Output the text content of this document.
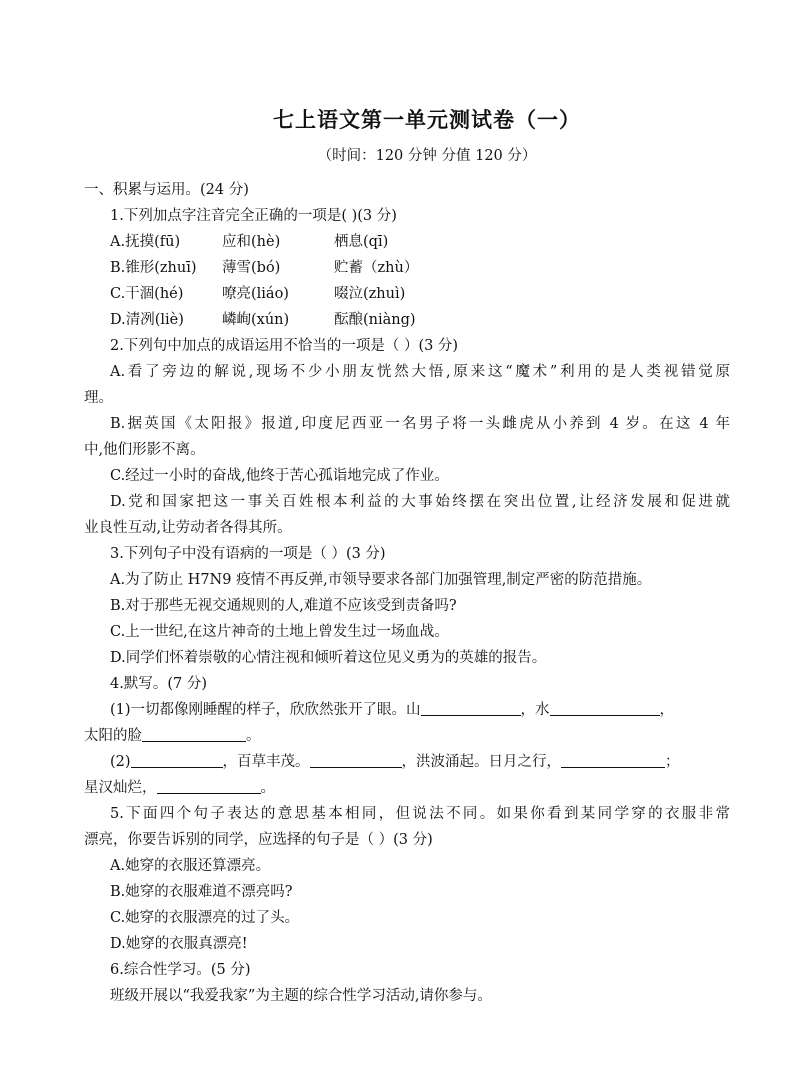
七上语文第一单元测试卷（一）
（时间：120 分钟 分值 120 分）
一、积累与运用。(24 分)
1.下列加点字注音完全正确的一项是( )(3 分)
A.抚摸(fū)	应和(hè)	栖息(qī)
B.锥形(zhuī)	薄雪(bó)	贮蓄（zhù）
C.干涸(hé)	嘹亮(liáo)	啜泣(zhuì)
D.清冽(liè)	嶙峋(xún)	酝酿(niàng)
2.下列句中加点的成语运用不恰当的一项是（ ）(3 分)
A.看了旁边的解说,现场不少小朋友恍然大悟,原来这“魔术”利用的是人类视错觉原
理。
B.据英国《太阳报》报道,印度尼西亚一名男子将一头雌虎从小养到 4 岁。在这 4 年
中,他们形影不离。
C.经过一小时的奋战,他终于苦心孤诣地完成了作业。
D.党和国家把这一事关百姓根本利益的大事始终摆在突出位置,让经济发展和促进就
业良性互动,让劳动者各得其所。
3.下列句子中没有语病的一项是（ ）(3 分)
A.为了防止 H7N9 疫情不再反弹,市领导要求各部门加强管理,制定严密的防范措施。
B.对于那些无视交通规则的人,难道不应该受到责备吗?
C.上一世纪,在这片神奇的土地上曾发生过一场血战。
D.同学们怀着崇敬的心情注视和倾听着这位见义勇为的英雄的报告。
4.默写。(7 分)
(1)一切都像刚睡醒的样子，欣欣然张开了眼。山	，水	，
太阳的脸	。
(2)	，百草丰茂。	，洪波涌起。日月之行，	；
星汉灿烂，	。
5.下面四个句子表达的意思基本相同，但说法不同。如果你看到某同学穿的衣服非常
漂亮，你要告诉别的同学，应选择的句子是（ ）(3 分)
A.她穿的衣服还算漂亮。
B.她穿的衣服难道不漂亮吗?
C.她穿的衣服漂亮的过了头。
D.她穿的衣服真漂亮!
6.综合性学习。(5 分)
班级开展以“我爱我家”为主题的综合性学习活动,请你参与。
